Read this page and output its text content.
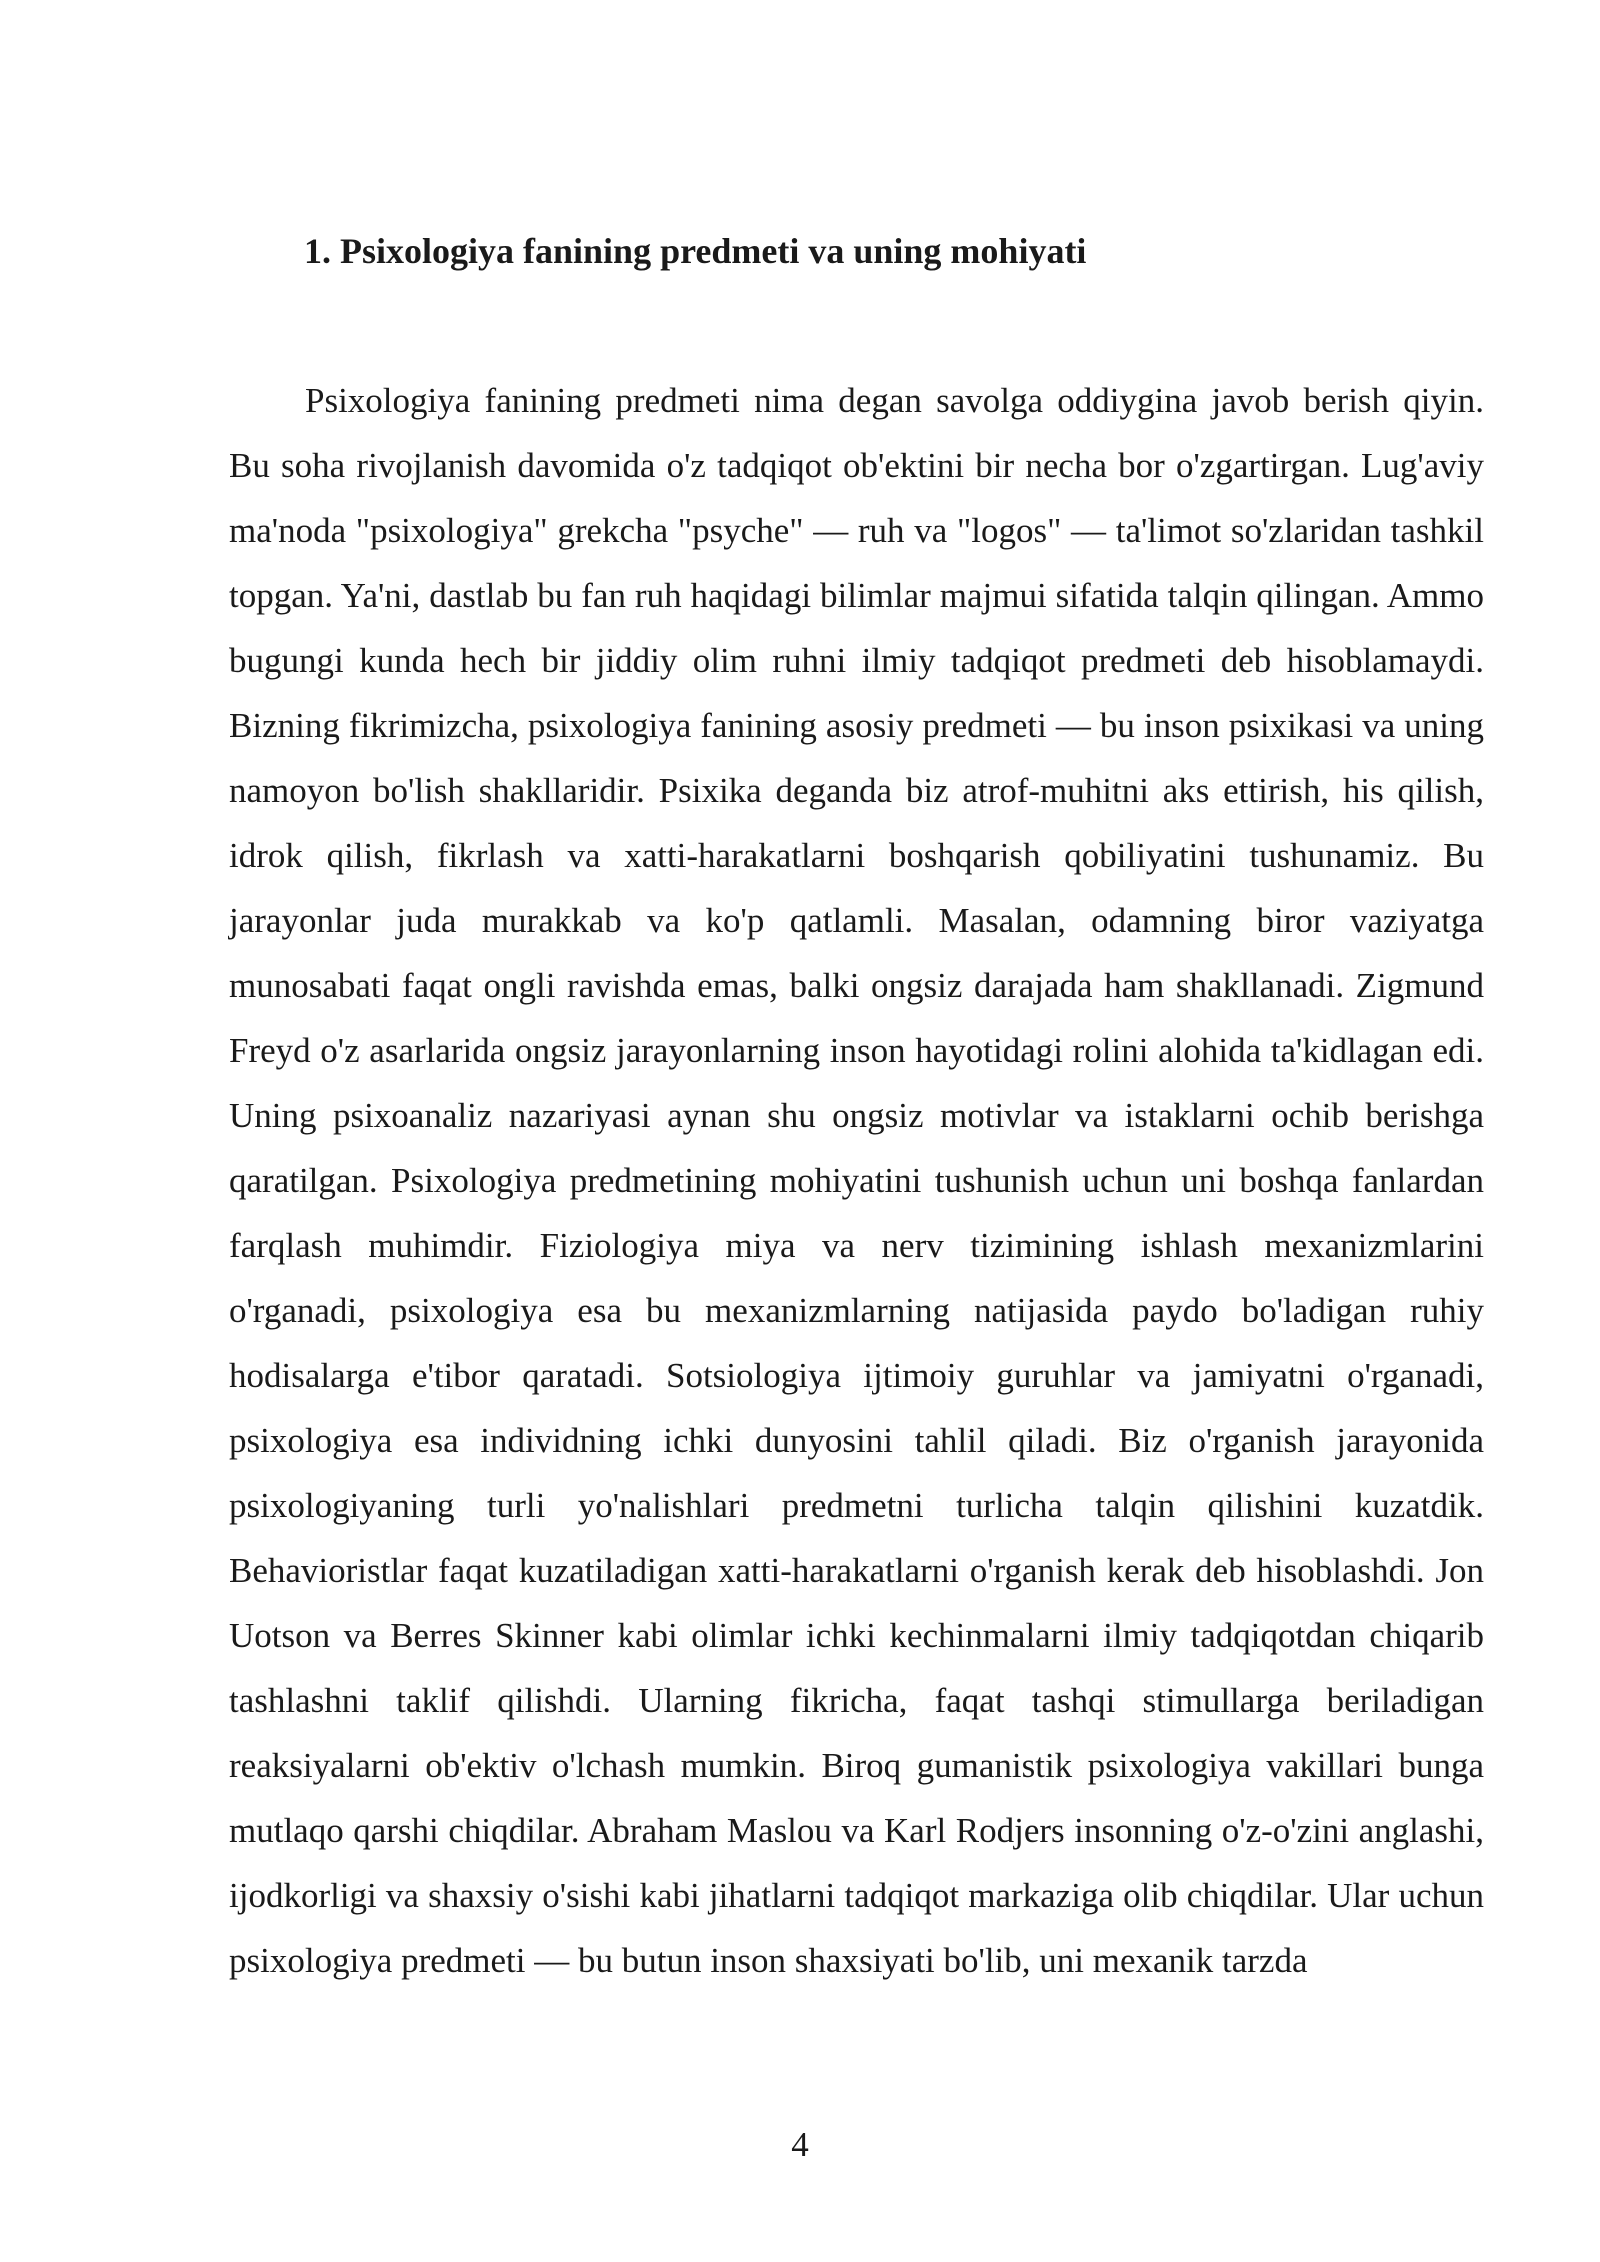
1. Psixologiya fanining predmeti va uning mohiyati

Psixologiya fanining predmeti nima degan savolga oddiygina javob berish qiyin. Bu soha rivojlanish davomida o'z tadqiqot ob'ektini bir necha bor o'zgartirgan. Lug'aviy ma'noda "psixologiya" grekcha "psyche" — ruh va "logos" — ta'limot so'zlaridan tashkil topgan. Ya'ni, dastlab bu fan ruh haqidagi bilimlar majmui sifatida talqin qilingan. Ammo bugungi kunda hech bir jiddiy olim ruhni ilmiy tadqiqot predmeti deb hisoblamaydi. Bizning fikrimizcha, psixologiya fanining asosiy predmeti — bu inson psixikasi va uning namoyon bo'lish shakllaridir. Psixika deganda biz atrof-muhitni aks ettirish, his qilish, idrok qilish, fikrlash va xatti-harakatlarni boshqarish qobiliyatini tushunamiz. Bu jarayonlar juda murakkab va ko'p qatlamli. Masalan, odamning biror vaziyatga munosabati faqat ongli ravishda emas, balki ongsiz darajada ham shakllanadi. Zigmund Freyd o'z asarlarida ongsiz jarayonlarning inson hayotidagi rolini alohida ta'kidlagan edi. Uning psixoanaliz nazariyasi aynan shu ongsiz motivlar va istaklarni ochib berishga qaratilgan. Psixologiya predmetining mohiyatini tushunish uchun uni boshqa fanlardan farqlash muhimdir. Fiziologiya miya va nerv tizimining ishlash mexanizmlarini o'rganadi, psixologiya esa bu mexanizmlarning natijasida paydo bo'ladigan ruhiy hodisalarga e'tibor qaratadi. Sotsiologiya ijtimoiy guruhlar va jamiyatni o'rganadi, psixologiya esa individning ichki dunyosini tahlil qiladi. Biz o'rganish jarayonida psixologiyaning turli yo'nalishlari predmetni turlicha talqin qilishini kuzatdik. Behavioristlar faqat kuzatiladigan xatti-harakatlarni o'rganish kerak deb hisoblashdi. Jon Uotson va Berres Skinner kabi olimlar ichki kechinmalarni ilmiy tadqiqotdan chiqarib tashlashni taklif qilishdi. Ularning fikricha, faqat tashqi stimullarga beriladigan reaksiyalarni ob'ektiv o'lchash mumkin. Biroq gumanistik psixologiya vakillari bunga mutlaqo qarshi chiqdilar. Abraham Maslou va Karl Rodjers insonning o'z-o'zini anglashi, ijodkorligi va shaxsiy o'sishi kabi jihatlarni tadqiqot markaziga olib chiqdilar. Ular uchun psixologiya predmeti — bu butun inson shaxsiyati bo'lib, uni mexanik tarzda

4
